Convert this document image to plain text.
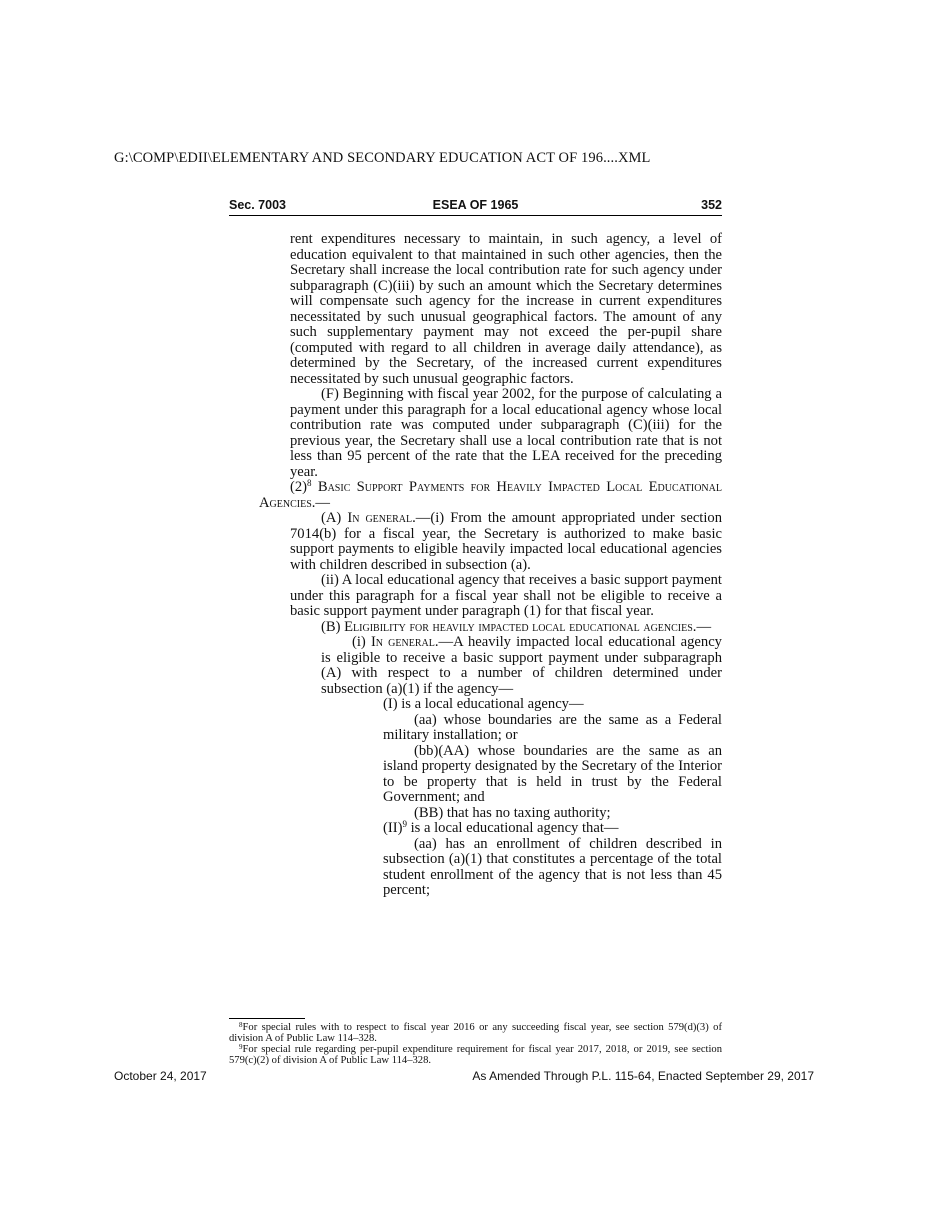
G:\COMP\EDII\ELEMENTARY AND SECONDARY EDUCATION ACT OF 196....XML
Sec. 7003	ESEA OF 1965	352

rent expenditures necessary to maintain, in such agency, a level of education equivalent to that maintained in such other agencies, then the Secretary shall increase the local contribution rate for such agency under subparagraph (C)(iii) by such an amount which the Secretary determines will compensate such agency for the increase in current expenditures necessitated by such unusual geographical factors. The amount of any such supplementary payment may not exceed the per-pupil share (computed with regard to all children in average daily attendance), as determined by the Secretary, of the increased current expenditures necessitated by such unusual geographic factors.

(F) Beginning with fiscal year 2002, for the purpose of calculating a payment under this paragraph for a local educational agency whose local contribution rate was computed under subparagraph (C)(iii) for the previous year, the Secretary shall use a local contribution rate that is not less than 95 percent of the rate that the LEA received for the preceding year.

$(2)^8$ Basic Support Payments for Heavily Impacted Local Educational Agencies.—

(A) In general.—(i) From the amount appropriated under section 7014(b) for a fiscal year, the Secretary is authorized to make basic support payments to eligible heavily impacted local educational agencies with children described in subsection (a).

(ii) A local educational agency that receives a basic support payment under this paragraph for a fiscal year shall not be eligible to receive a basic support payment under paragraph (1) for that fiscal year.

(B) Eligibility for heavily impacted local educational agencies.—

(i) In general.—A heavily impacted local educational agency is eligible to receive a basic support payment under subparagraph (A) with respect to a number of children determined under subsection (a)(1) if the agency—

(I) is a local educational agency—

(aa) whose boundaries are the same as a Federal military installation; or

(bb)(AA) whose boundaries are the same as an island property designated by the Secretary of the Interior to be property that is held in trust by the Federal Government; and

(BB) that has no taxing authority;

(II)$^9$ is a local educational agency that—

(aa) has an enrollment of children described in subsection (a)(1) that constitutes a percentage of the total student enrollment of the agency that is not less than 45 percent;

$^8$For special rules with to respect to fiscal year 2016 or any succeeding fiscal year, see section 579(d)(3) of division A of Public Law 114–328.

$^9$For special rule regarding per-pupil expenditure requirement for fiscal year 2017, 2018, or 2019, see section 579(c)(2) of division A of Public Law 114–328.

October 24, 2017	As Amended Through P.L. 115-64, Enacted September 29, 2017
